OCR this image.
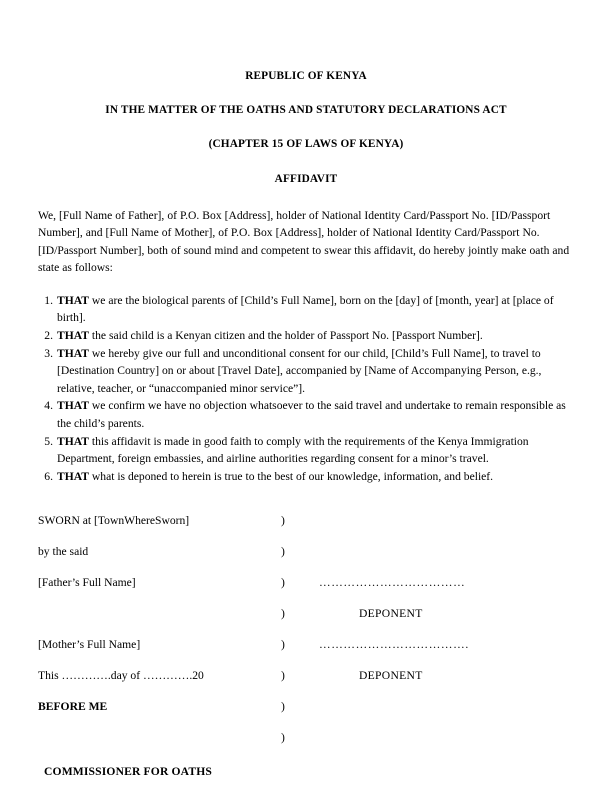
REPUBLIC OF KENYA
IN THE MATTER OF THE OATHS AND STATUTORY DECLARATIONS ACT
(CHAPTER 15 OF LAWS OF KENYA)
AFFIDAVIT

We, [Full Name of Father], of P.O. Box [Address], holder of National Identity Card/Passport No. [ID/Passport Number], and [Full Name of Mother], of P.O. Box [Address], holder of National Identity Card/Passport No. [ID/Passport Number], both of sound mind and competent to swear this affidavit, do hereby jointly make oath and state as follows:

1. THAT we are the biological parents of [Child’s Full Name], born on the [day] of [month, year] at [place of birth].
2. THAT the said child is a Kenyan citizen and the holder of Passport No. [Passport Number].
3. THAT we hereby give our full and unconditional consent for our child, [Child’s Full Name], to travel to [Destination Country] on or about [Travel Date], accompanied by [Name of Accompanying Person, e.g., relative, teacher, or “unaccompanied minor service”].
4. THAT we confirm we have no objection whatsoever to the said travel and undertake to remain responsible as the child’s parents.
5. THAT this affidavit is made in good faith to comply with the requirements of the Kenya Immigration Department, foreign embassies, and airline authorities regarding consent for a minor’s travel.
6. THAT what is deponed to herein is true to the best of our knowledge, information, and belief.
SWORN at [TownWhereSworn]	)	
by the said	)	
[Father’s Full Name]	)	………………………………
	)	DEPONENT
[Mother’s Full Name]	)	……………………………….
This ………….day of ………….20	)	DEPONENT
BEFORE ME	)	
	)	
COMMISSIONER FOR OATHS
